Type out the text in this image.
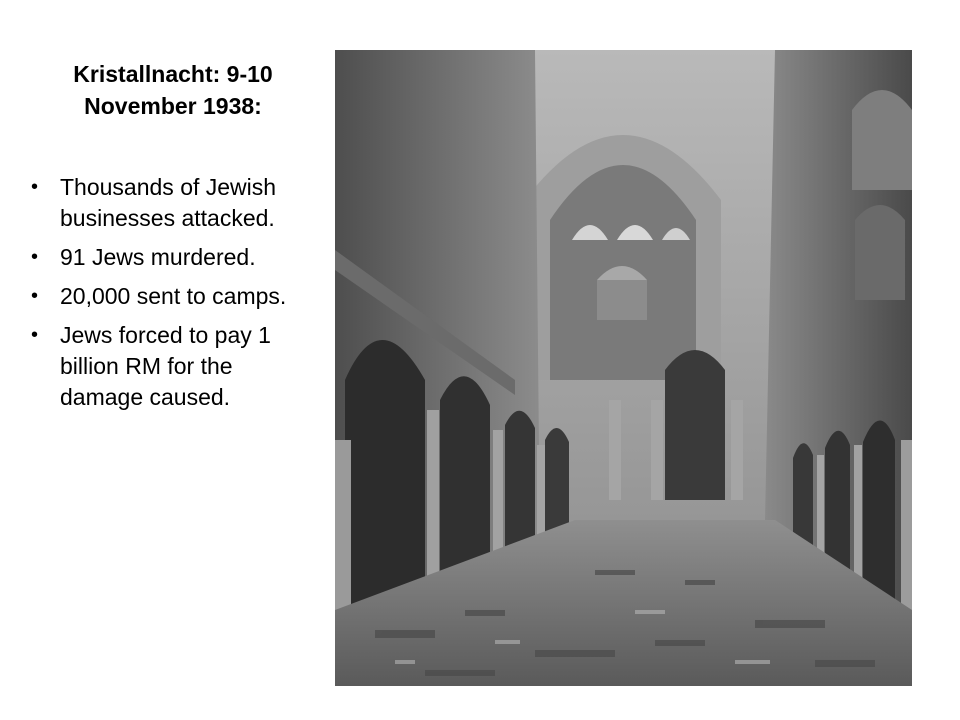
Kristallnacht: 9-10
November 1938:
• Thousands of Jewish businesses attacked.
• 91 Jews murdered.
• 20,000 sent to camps.
• Jews forced to pay 1 billion RM for the damage caused.
